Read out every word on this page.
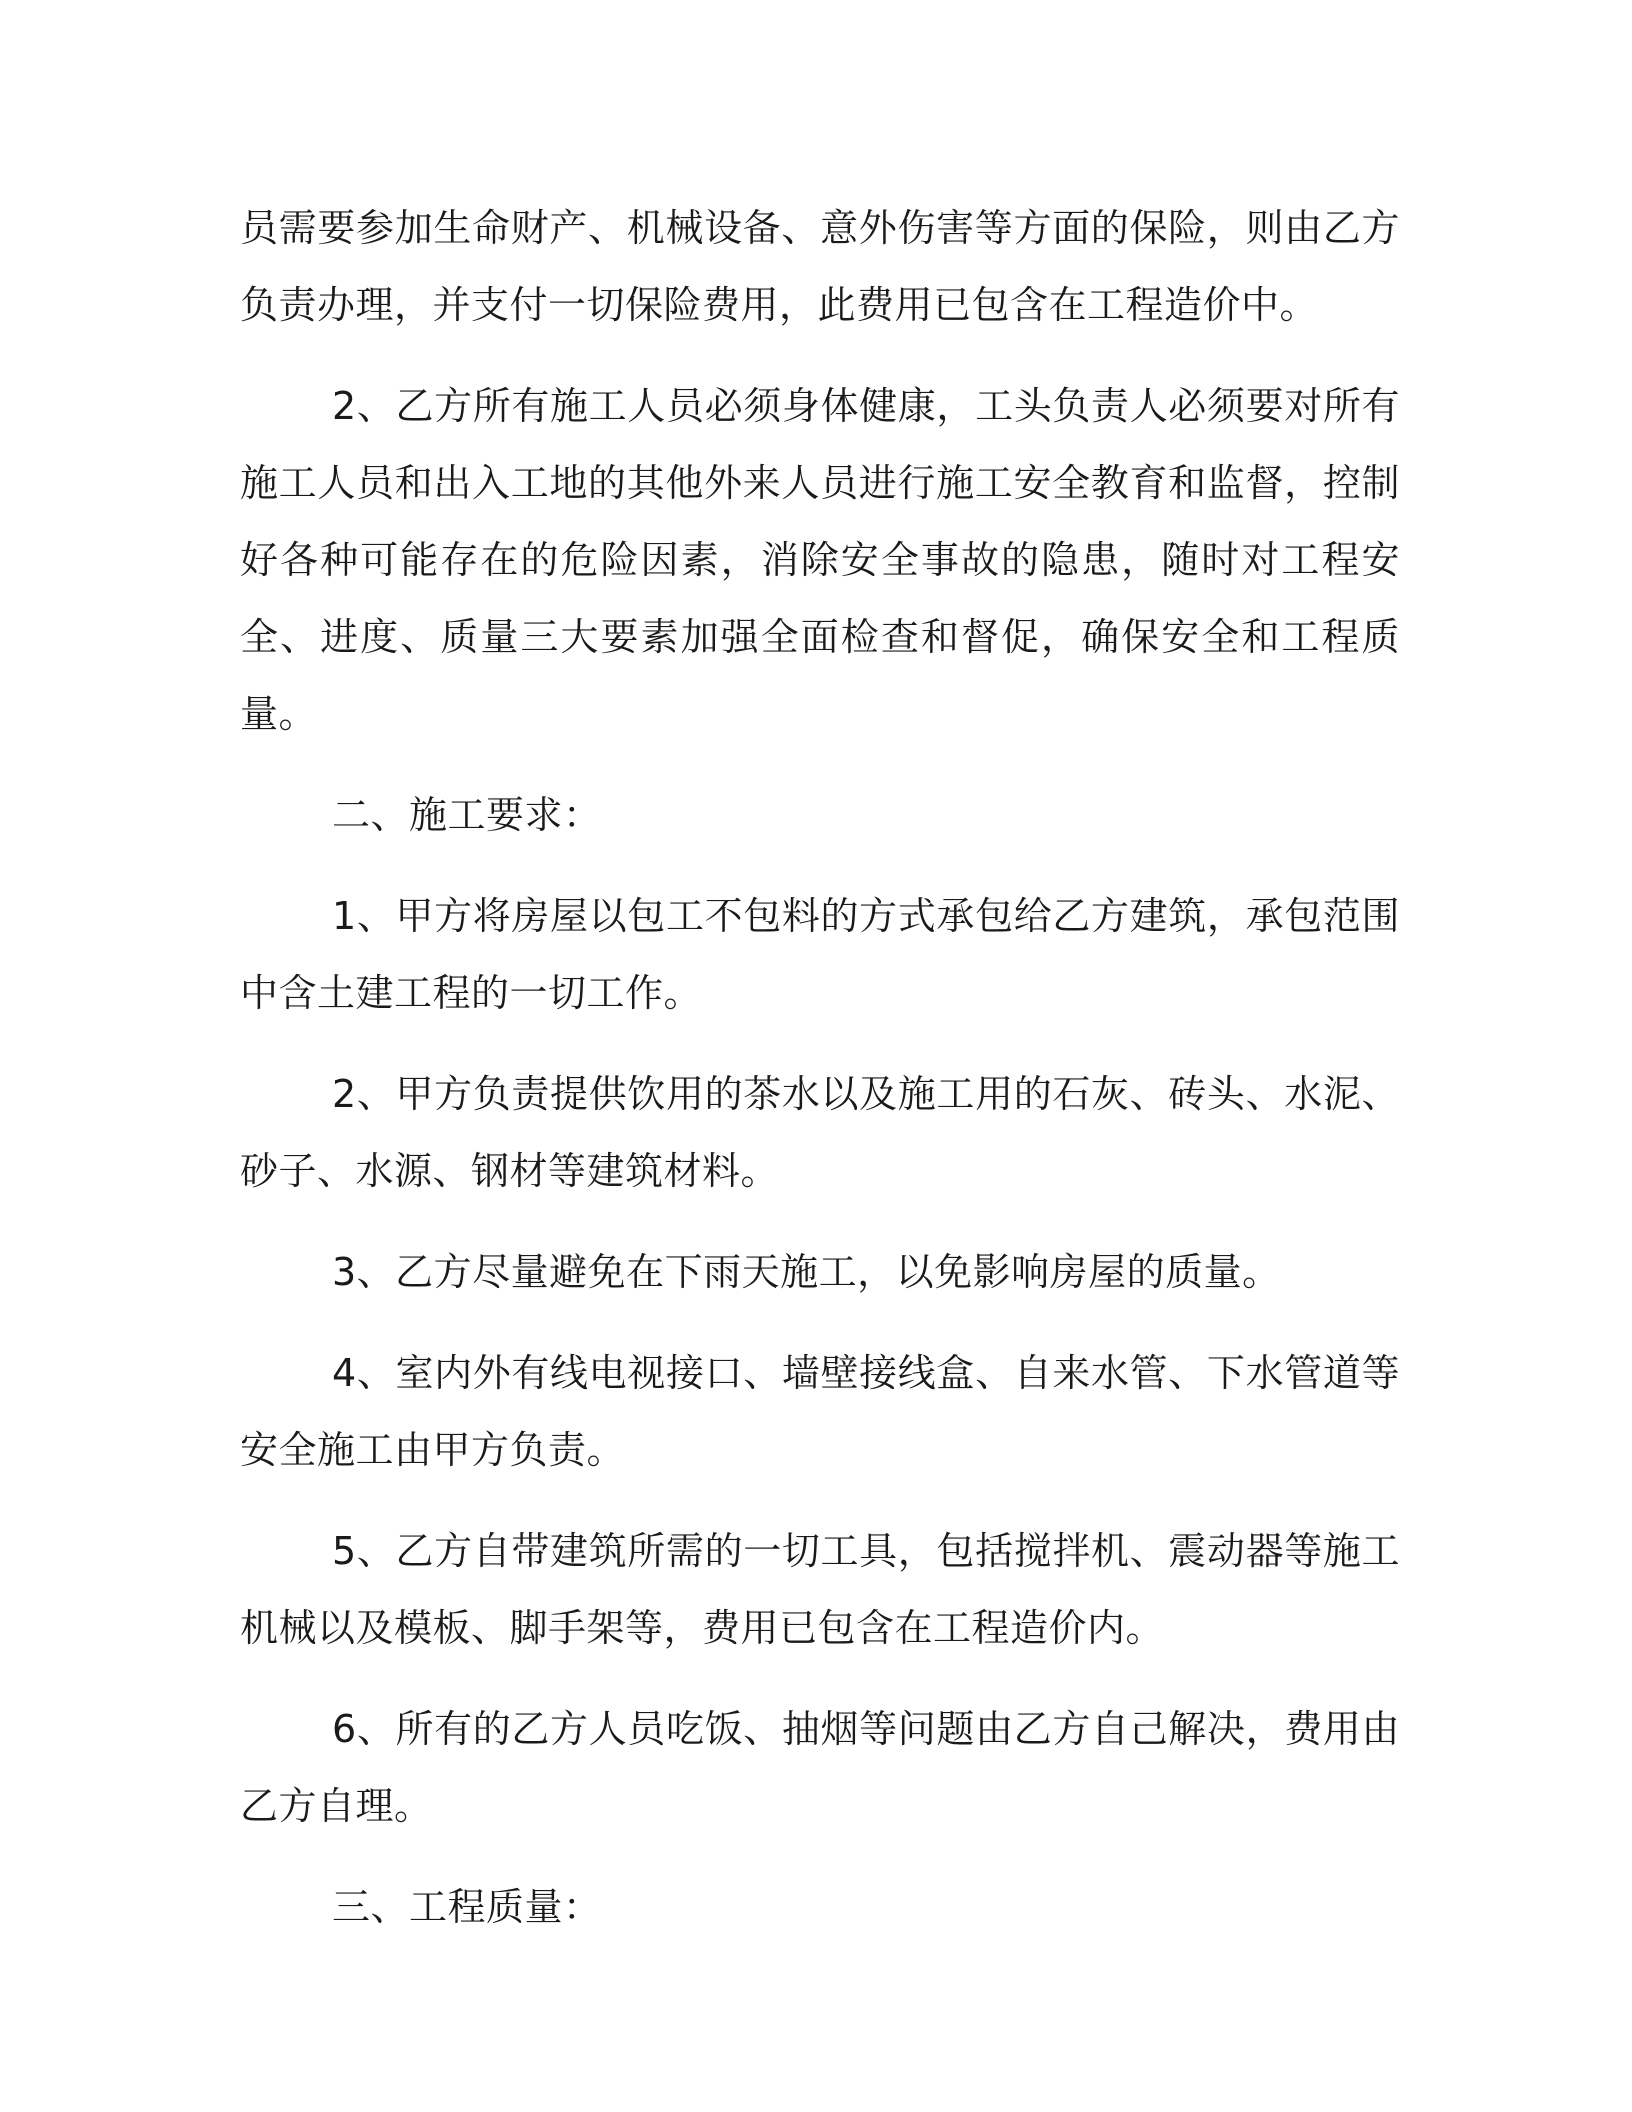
员需要参加生命财产、机械设备、意外伤害等方面的保险，则由乙方负责办理，并支付一切保险费用，此费用已包含在工程造价中。

2、乙方所有施工人员必须身体健康，工头负责人必须要对所有施工人员和出入工地的其他外来人员进行施工安全教育和监督，控制好各种可能存在的危险因素，消除安全事故的隐患，随时对工程安全、进度、质量三大要素加强全面检查和督促，确保安全和工程质量。

二、施工要求：

1、甲方将房屋以包工不包料的方式承包给乙方建筑，承包范围中含土建工程的一切工作。

2、甲方负责提供饮用的茶水以及施工用的石灰、砖头、水泥、砂子、水源、钢材等建筑材料。

3、乙方尽量避免在下雨天施工，以免影响房屋的质量。

4、室内外有线电视接口、墙壁接线盒、自来水管、下水管道等安全施工由甲方负责。

5、乙方自带建筑所需的一切工具，包括搅拌机、震动器等施工机械以及模板、脚手架等，费用已包含在工程造价内。

6、所有的乙方人员吃饭、抽烟等问题由乙方自己解决，费用由乙方自理。

三、工程质量：
